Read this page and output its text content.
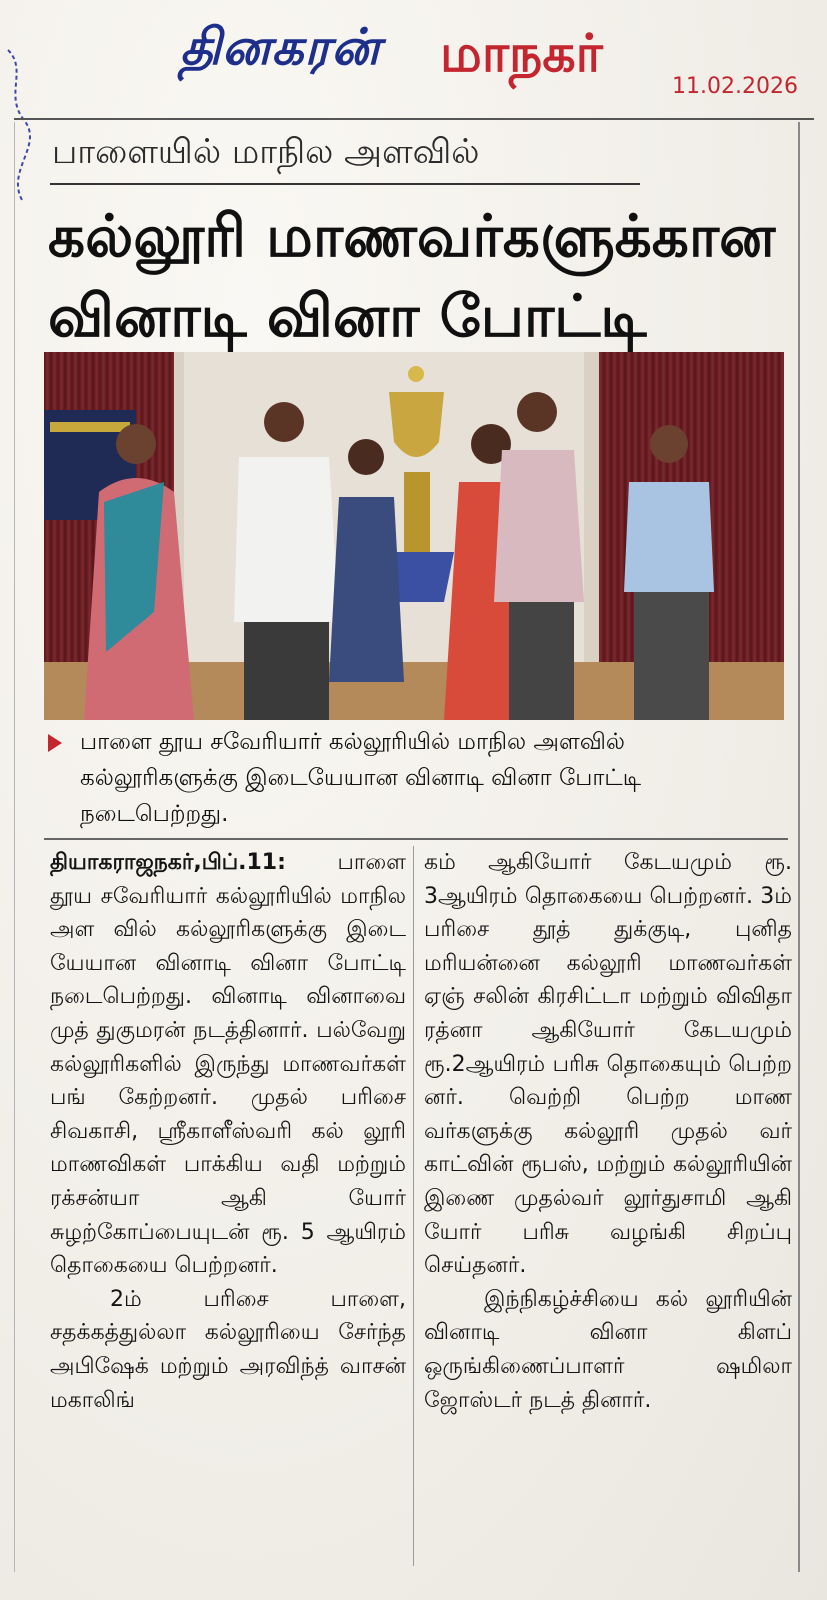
தினகரன் மாநகர்
11.02.2026
பாளையில் மாநில அளவில்
கல்லூரி மாணவர்களுக்கான வினாடி வினா போட்டி
பாளை தூய சவேரியார் கல்லூரியில் மாநில அளவில் கல்லூரிகளுக்கு இடையேயான வினாடி வினா போட்டி நடைபெற்றது.

தியாகராஜநகர்,பிப்.11: பாளை தூய சவேரியார் கல்லூரியில் மாநில அள வில் கல்லூரிகளுக்கு இடை யேயான வினாடி வினா போட்டி நடைபெற்றது. வினாடி வினாவை முத் துகுமரன் நடத்தினார். பல்வேறு கல்லூரிகளில் இருந்து மாணவர்கள் பங் கேற்றனர். முதல் பரிசை சிவகாசி, ஸ்ரீகாளீஸ்வரி கல் லூரி மாணவிகள் பாக்கிய வதி மற்றும் ரக்சன்யா ஆகி யோர் சுழற்கோப்பையுடன் ரூ. 5 ஆயிரம் தொகையை பெற்றனர்.

2ம் பரிசை பாளை, சதக்கத்துல்லா கல்லூரியை சேர்ந்த அபிஷேக் மற்றும் அரவிந்த் வாசன் மகாலிங்

கம் ஆகியோர் கேடயமும் ரூ. 3ஆயிரம் தொகையை பெற்றனர். 3ம் பரிசை தூத் துக்குடி, புனித மரியன்னை கல்லூரி மாணவர்கள் ஏஞ் சலின் கிரசிட்டா மற்றும் விவிதா ரத்னா ஆகியோர் கேடயமும் ரூ.2ஆயிரம் பரிசு தொகையும் பெற்ற னர். வெற்றி பெற்ற மாண வர்களுக்கு கல்லூரி முதல் வர் காட்வின் ரூபஸ், மற்றும் கல்லூரியின் இணை முதல்வர் லூர்துசாமி ஆகி யோர் பரிசு வழங்கி சிறப்பு செய்தனர்.

இந்நிகழ்ச்சியை கல் லூரியின் வினாடி வினா கிளப் ஒருங்கிணைப்பாளர் ஷமிலா ஜோஸ்டர் நடத் தினார்.
